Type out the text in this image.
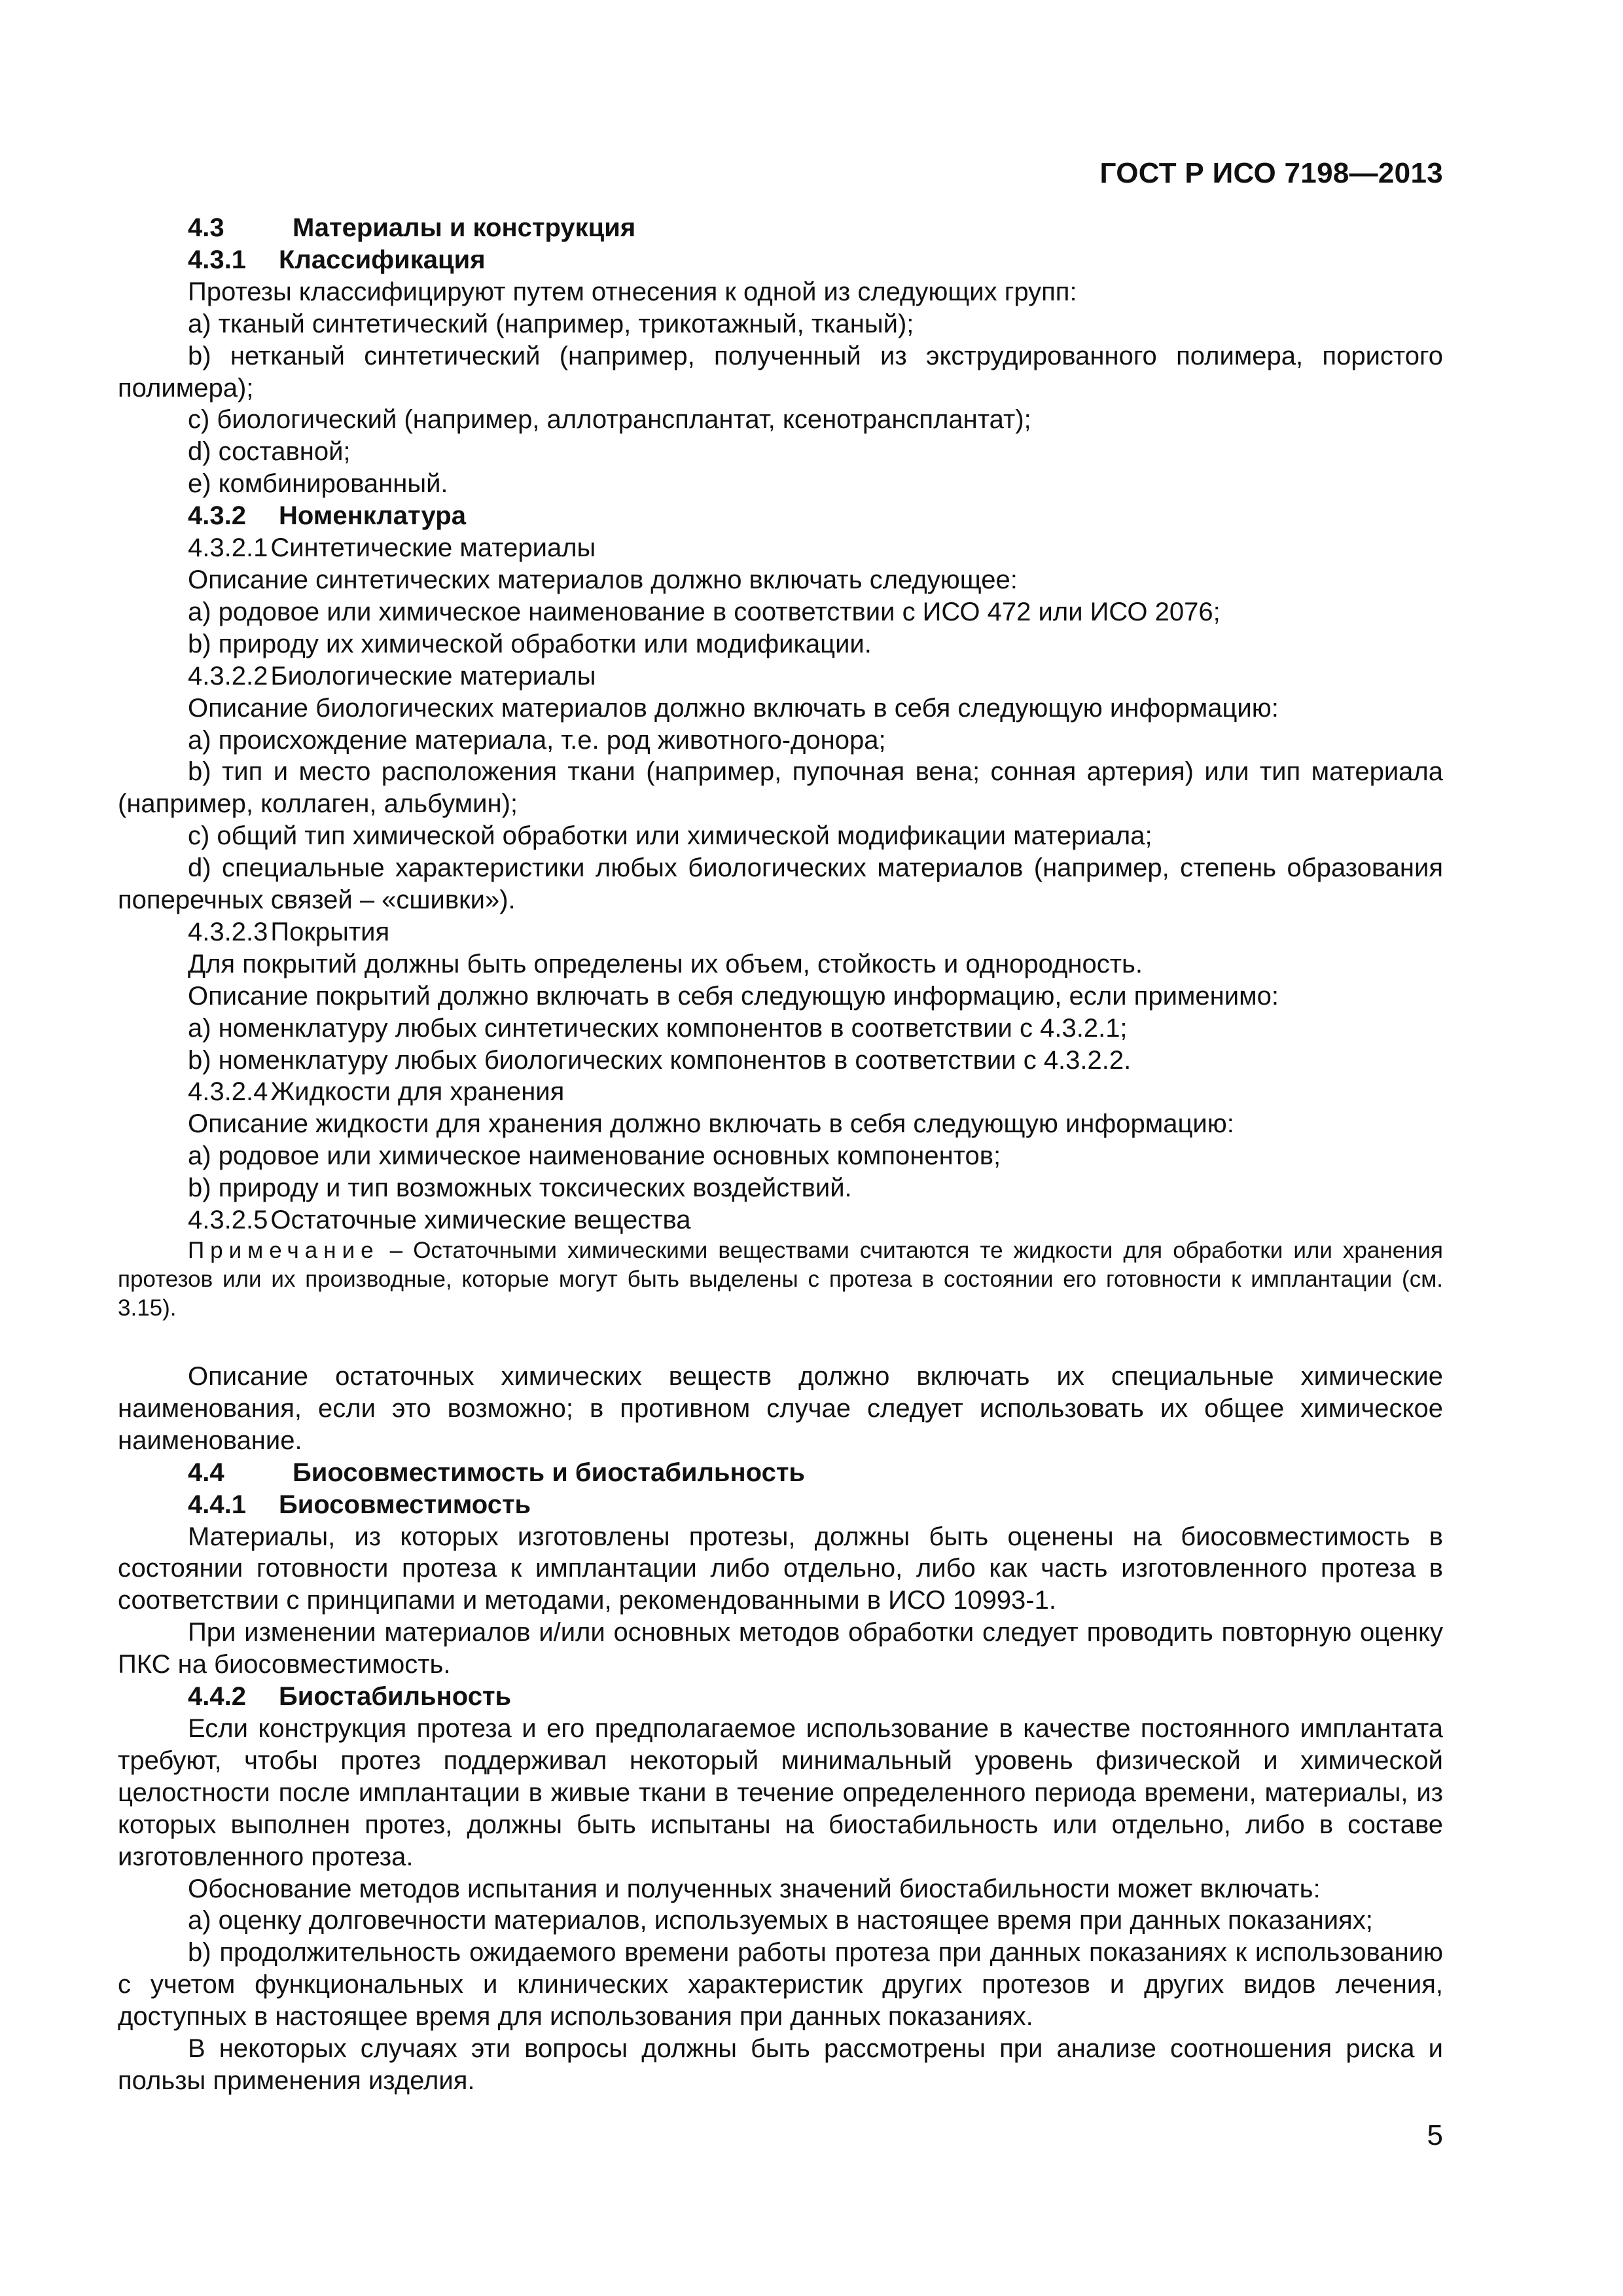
ГОСТ Р ИСО 7198—2013

4.3	Материалы и конструкция

4.3.1 Классификация

Протезы классифицируют путем отнесения к одной из следующих групп:

a) тканый синтетический (например, трикотажный, тканый);

b) нетканый синтетический (например, полученный из экструдированного полимера, пористого полимера);

c) биологический (например, аллотрансплантат, ксенотрансплантат);

d) составной;

e) комбинированный.

4.3.2 Номенклатура

4.3.2.1 Синтетические материалы

Описание синтетических материалов должно включать следующее:

a) родовое или химическое наименование в соответствии с ИСО 472 или ИСО 2076;

b) природу их химической обработки или модификации.

4.3.2.2 Биологические материалы

Описание биологических материалов должно включать в себя следующую информацию:

a) происхождение материала, т.е. род животного-донора;

b) тип и место расположения ткани (например, пупочная вена; сонная артерия) или тип материала (например, коллаген, альбумин);

c) общий тип химической обработки или химической модификации материала;

d) специальные характеристики любых биологических материалов (например, степень образования поперечных связей – «сшивки»).

4.3.2.3 Покрытия

Для покрытий должны быть определены их объем, стойкость и однородность.

Описание покрытий должно включать в себя следующую информацию, если применимо:

a) номенклатуру любых синтетических компонентов в соответствии с 4.3.2.1;

b) номенклатуру любых биологических компонентов в соответствии с 4.3.2.2.

4.3.2.4 Жидкости для хранения

Описание жидкости для хранения должно включать в себя следующую информацию:

a) родовое или химическое наименование основных компонентов;

b) природу и тип возможных токсических воздействий.

4.3.2.5 Остаточные химические вещества

Примечание – Остаточными химическими веществами считаются те жидкости для обработки или хранения протезов или их производные, которые могут быть выделены с протеза в состоянии его готовности к имплантации (см. 3.15).

Описание остаточных химических веществ должно включать их специальные химические наименования, если это возможно; в противном случае следует использовать их общее химическое наименование.

4.4	Биосовместимость и биостабильность

4.4.1 Биосовместимость

Материалы, из которых изготовлены протезы, должны быть оценены на биосовместимость в состоянии готовности протеза к имплантации либо отдельно, либо как часть изготовленного протеза в соответствии с принципами и методами, рекомендованными в ИСО 10993-1.

При изменении материалов и/или основных методов обработки следует проводить повторную оценку ПКС на биосовместимость.

4.4.2 Биостабильность

Если конструкция протеза и его предполагаемое использование в качестве постоянного имплантата требуют, чтобы протез поддерживал некоторый минимальный уровень физической и химической целостности после имплантации в живые ткани в течение определенного периода времени, материалы, из которых выполнен протез, должны быть испытаны на биостабильность или отдельно, либо в составе изготовленного протеза.

Обоснование методов испытания и полученных значений биостабильности может включать:

a) оценку долговечности материалов, используемых в настоящее время при данных показаниях;

b) продолжительность ожидаемого времени работы протеза при данных показаниях к использованию с учетом функциональных и клинических характеристик других протезов и других видов лечения, доступных в настоящее время для использования при данных показаниях.

В некоторых случаях эти вопросы должны быть рассмотрены при анализе соотношения риска и пользы применения изделия.

5
